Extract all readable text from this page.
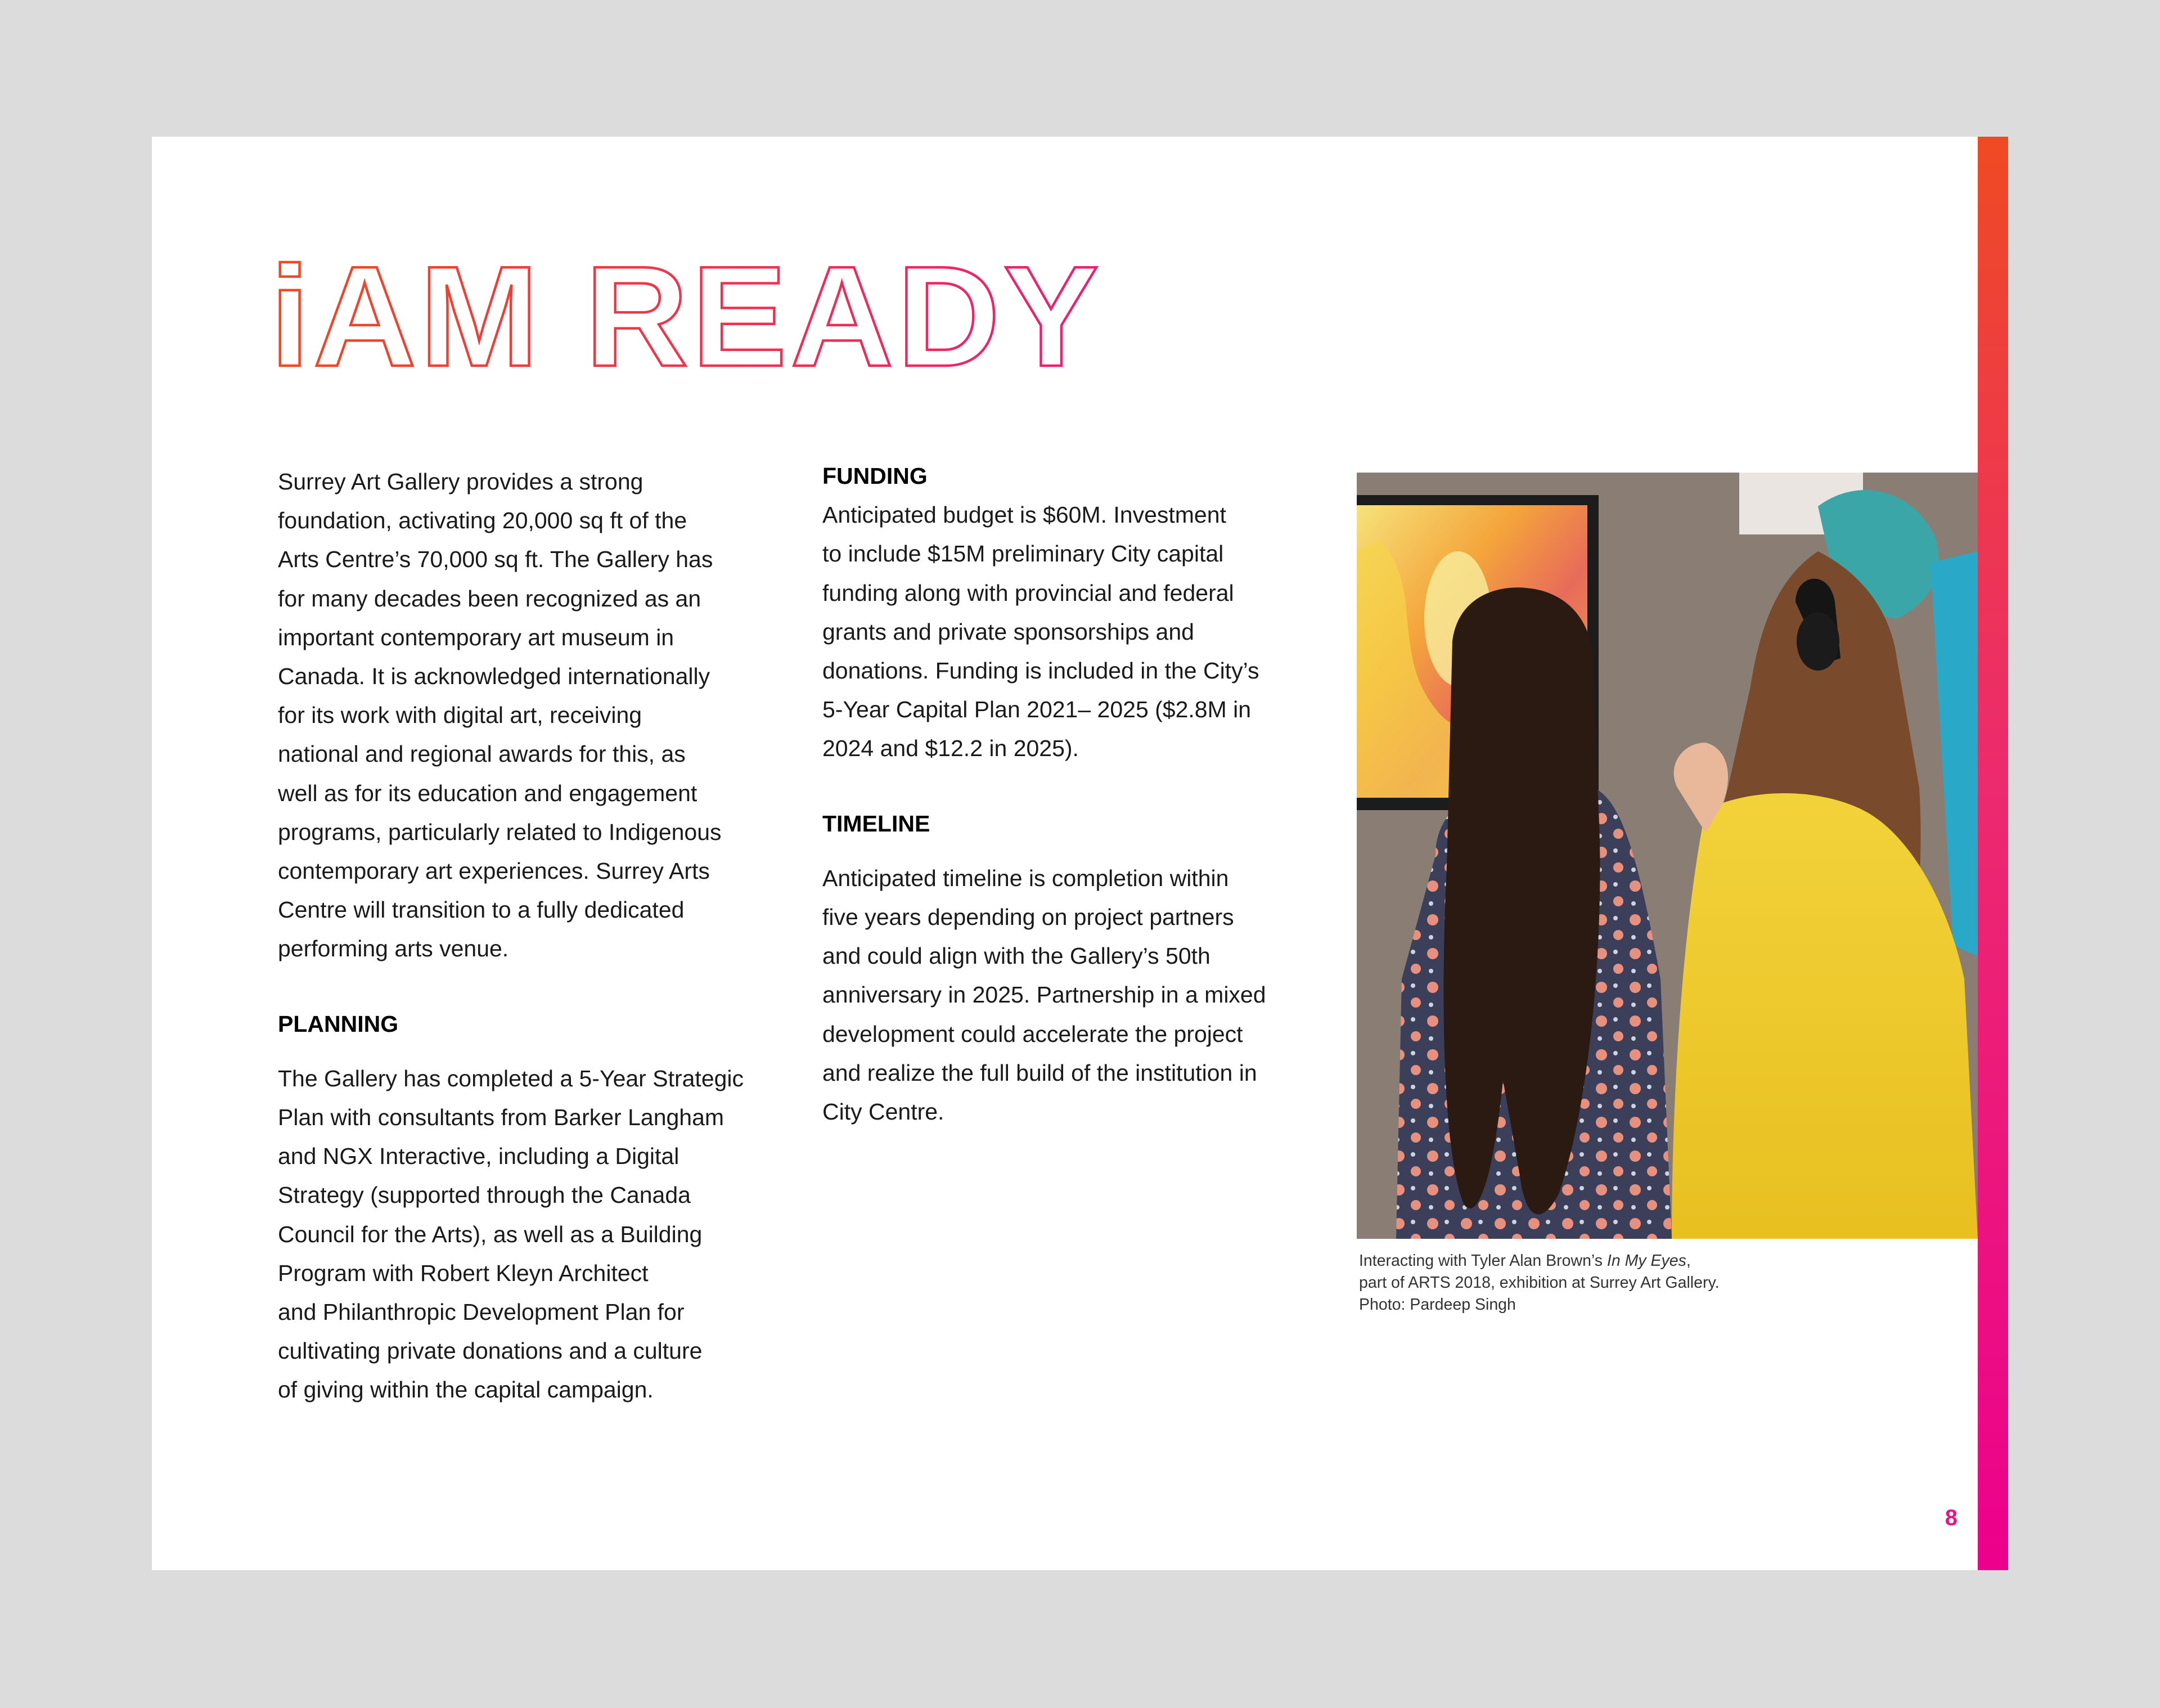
iAM READY

Surrey Art Gallery provides a strong

foundation, activating 20,000 sq ft of the

Arts Centre’s 70,000 sq ft. The Gallery has

for many decades been recognized as an

important contemporary art museum in

Canada. It is acknowledged internationally

for its work with digital art, receiving

national and regional awards for this, as

well as for its education and engagement

programs, particularly related to Indigenous

contemporary art experiences. Surrey Arts

Centre will transition to a fully dedicated

performing arts venue.

PLANNING

The Gallery has completed a 5-Year Strategic

Plan with consultants from Barker Langham

and NGX Interactive, including a Digital

Strategy (supported through the Canada

Council for the Arts), as well as a Building

Program with Robert Kleyn Architect

and Philanthropic Development Plan for

cultivating private donations and a culture

of giving within the capital campaign.

FUNDING

Anticipated budget is $60M. Investment

to include $15M preliminary City capital

funding along with provincial and federal

grants and private sponsorships and

donations. Funding is included in the City’s

5-Year Capital Plan 2021– 2025 ($2.8M in

2024 and $12.2 in 2025).

TIMELINE

Anticipated timeline is completion within

five years depending on project partners

and could align with the Gallery’s 50th

anniversary in 2025. Partnership in a mixed

development could accelerate the project

and realize the full build of the institution in

City Centre.

Interacting with Tyler Alan Brown’s In My Eyes,

part of ARTS 2018, exhibition at Surrey Art Gallery.

Photo: Pardeep Singh

8
